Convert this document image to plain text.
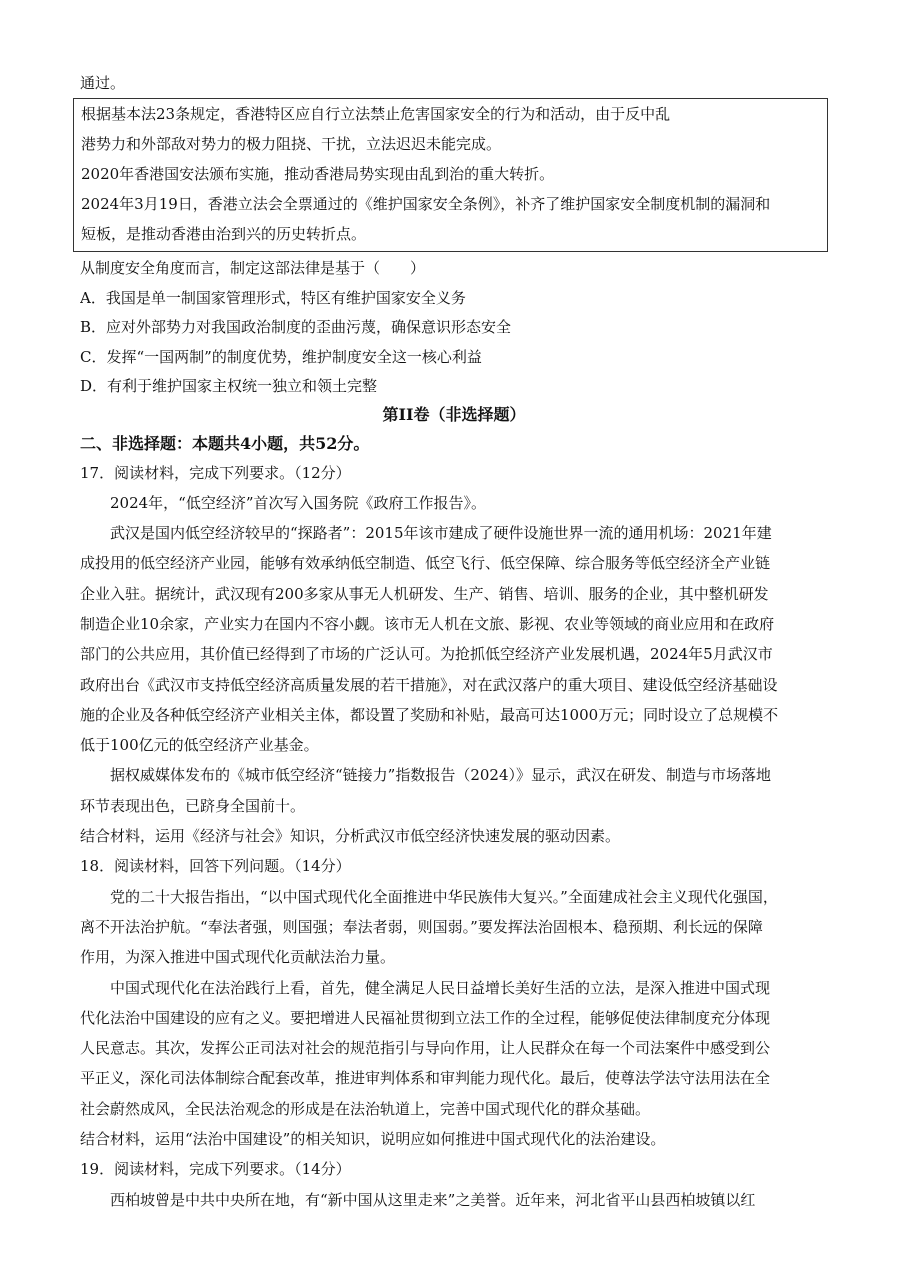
通过。
根据基本法23条规定，香港特区应自行立法禁止危害国家安全的行为和活动，由于反中乱
港势力和外部敌对势力的极力阻挠、干扰，立法迟迟未能完成。
2020年香港国安法颁布实施，推动香港局势实现由乱到治的重大转折。
2024年3月19日，香港立法会全票通过的《维护国家安全条例》，补齐了维护国家安全制度机制的漏洞和
短板，是推动香港由治到兴的历史转折点。
从制度安全角度而言，制定这部法律是基于（　　）
A．我国是单一制国家管理形式，特区有维护国家安全义务
B．应对外部势力对我国政治制度的歪曲污蔑，确保意识形态安全
C．发挥“一国两制”的制度优势，维护制度安全这一核心利益
D．有利于维护国家主权统一独立和领土完整
第II卷（非选择题）
二、非选择题：本题共4小题，共52分。
17．阅读材料，完成下列要求。（12分）
2024年，“低空经济”首次写入国务院《政府工作报告》。
武汉是国内低空经济较早的“探路者”：2015年该市建成了硬件设施世界一流的通用机场：2021年建
成投用的低空经济产业园，能够有效承纳低空制造、低空飞行、低空保障、综合服务等低空经济全产业链
企业入驻。据统计，武汉现有200多家从事无人机研发、生产、销售、培训、服务的企业，其中整机研发
制造企业10余家，产业实力在国内不容小觑。该市无人机在文旅、影视、农业等领域的商业应用和在政府
部门的公共应用，其价值已经得到了市场的广泛认可。为抢抓低空经济产业发展机遇，2024年5月武汉市
政府出台《武汉市支持低空经济高质量发展的若干措施》，对在武汉落户的重大项目、建设低空经济基础设
施的企业及各种低空经济产业相关主体，都设置了奖励和补贴，最高可达1000万元；同时设立了总规模不
低于100亿元的低空经济产业基金。
据权威媒体发布的《城市低空经济“链接力”指数报告（2024）》显示，武汉在研发、制造与市场落地
环节表现出色，已跻身全国前十。
结合材料，运用《经济与社会》知识，分析武汉市低空经济快速发展的驱动因素。
18．阅读材料，回答下列问题。（14分）
党的二十大报告指出，“以中国式现代化全面推进中华民族伟大复兴。”全面建成社会主义现代化强国，
离不开法治护航。“奉法者强，则国强；奉法者弱，则国弱。”要发挥法治固根本、稳预期、利长远的保障
作用，为深入推进中国式现代化贡献法治力量。
中国式现代化在法治践行上看，首先，健全满足人民日益增长美好生活的立法，是深入推进中国式现
代化法治中国建设的应有之义。要把增进人民福祉贯彻到立法工作的全过程，能够促使法律制度充分体现
人民意志。其次，发挥公正司法对社会的规范指引与导向作用，让人民群众在每一个司法案件中感受到公
平正义，深化司法体制综合配套改革，推进审判体系和审判能力现代化。最后，使尊法学法守法用法在全
社会蔚然成风，全民法治观念的形成是在法治轨道上，完善中国式现代化的群众基础。
结合材料，运用“法治中国建设”的相关知识，说明应如何推进中国式现代化的法治建设。
19．阅读材料，完成下列要求。（14分）
西柏坡曾是中共中央所在地，有“新中国从这里走来”之美誉。近年来，河北省平山县西柏坡镇以红
